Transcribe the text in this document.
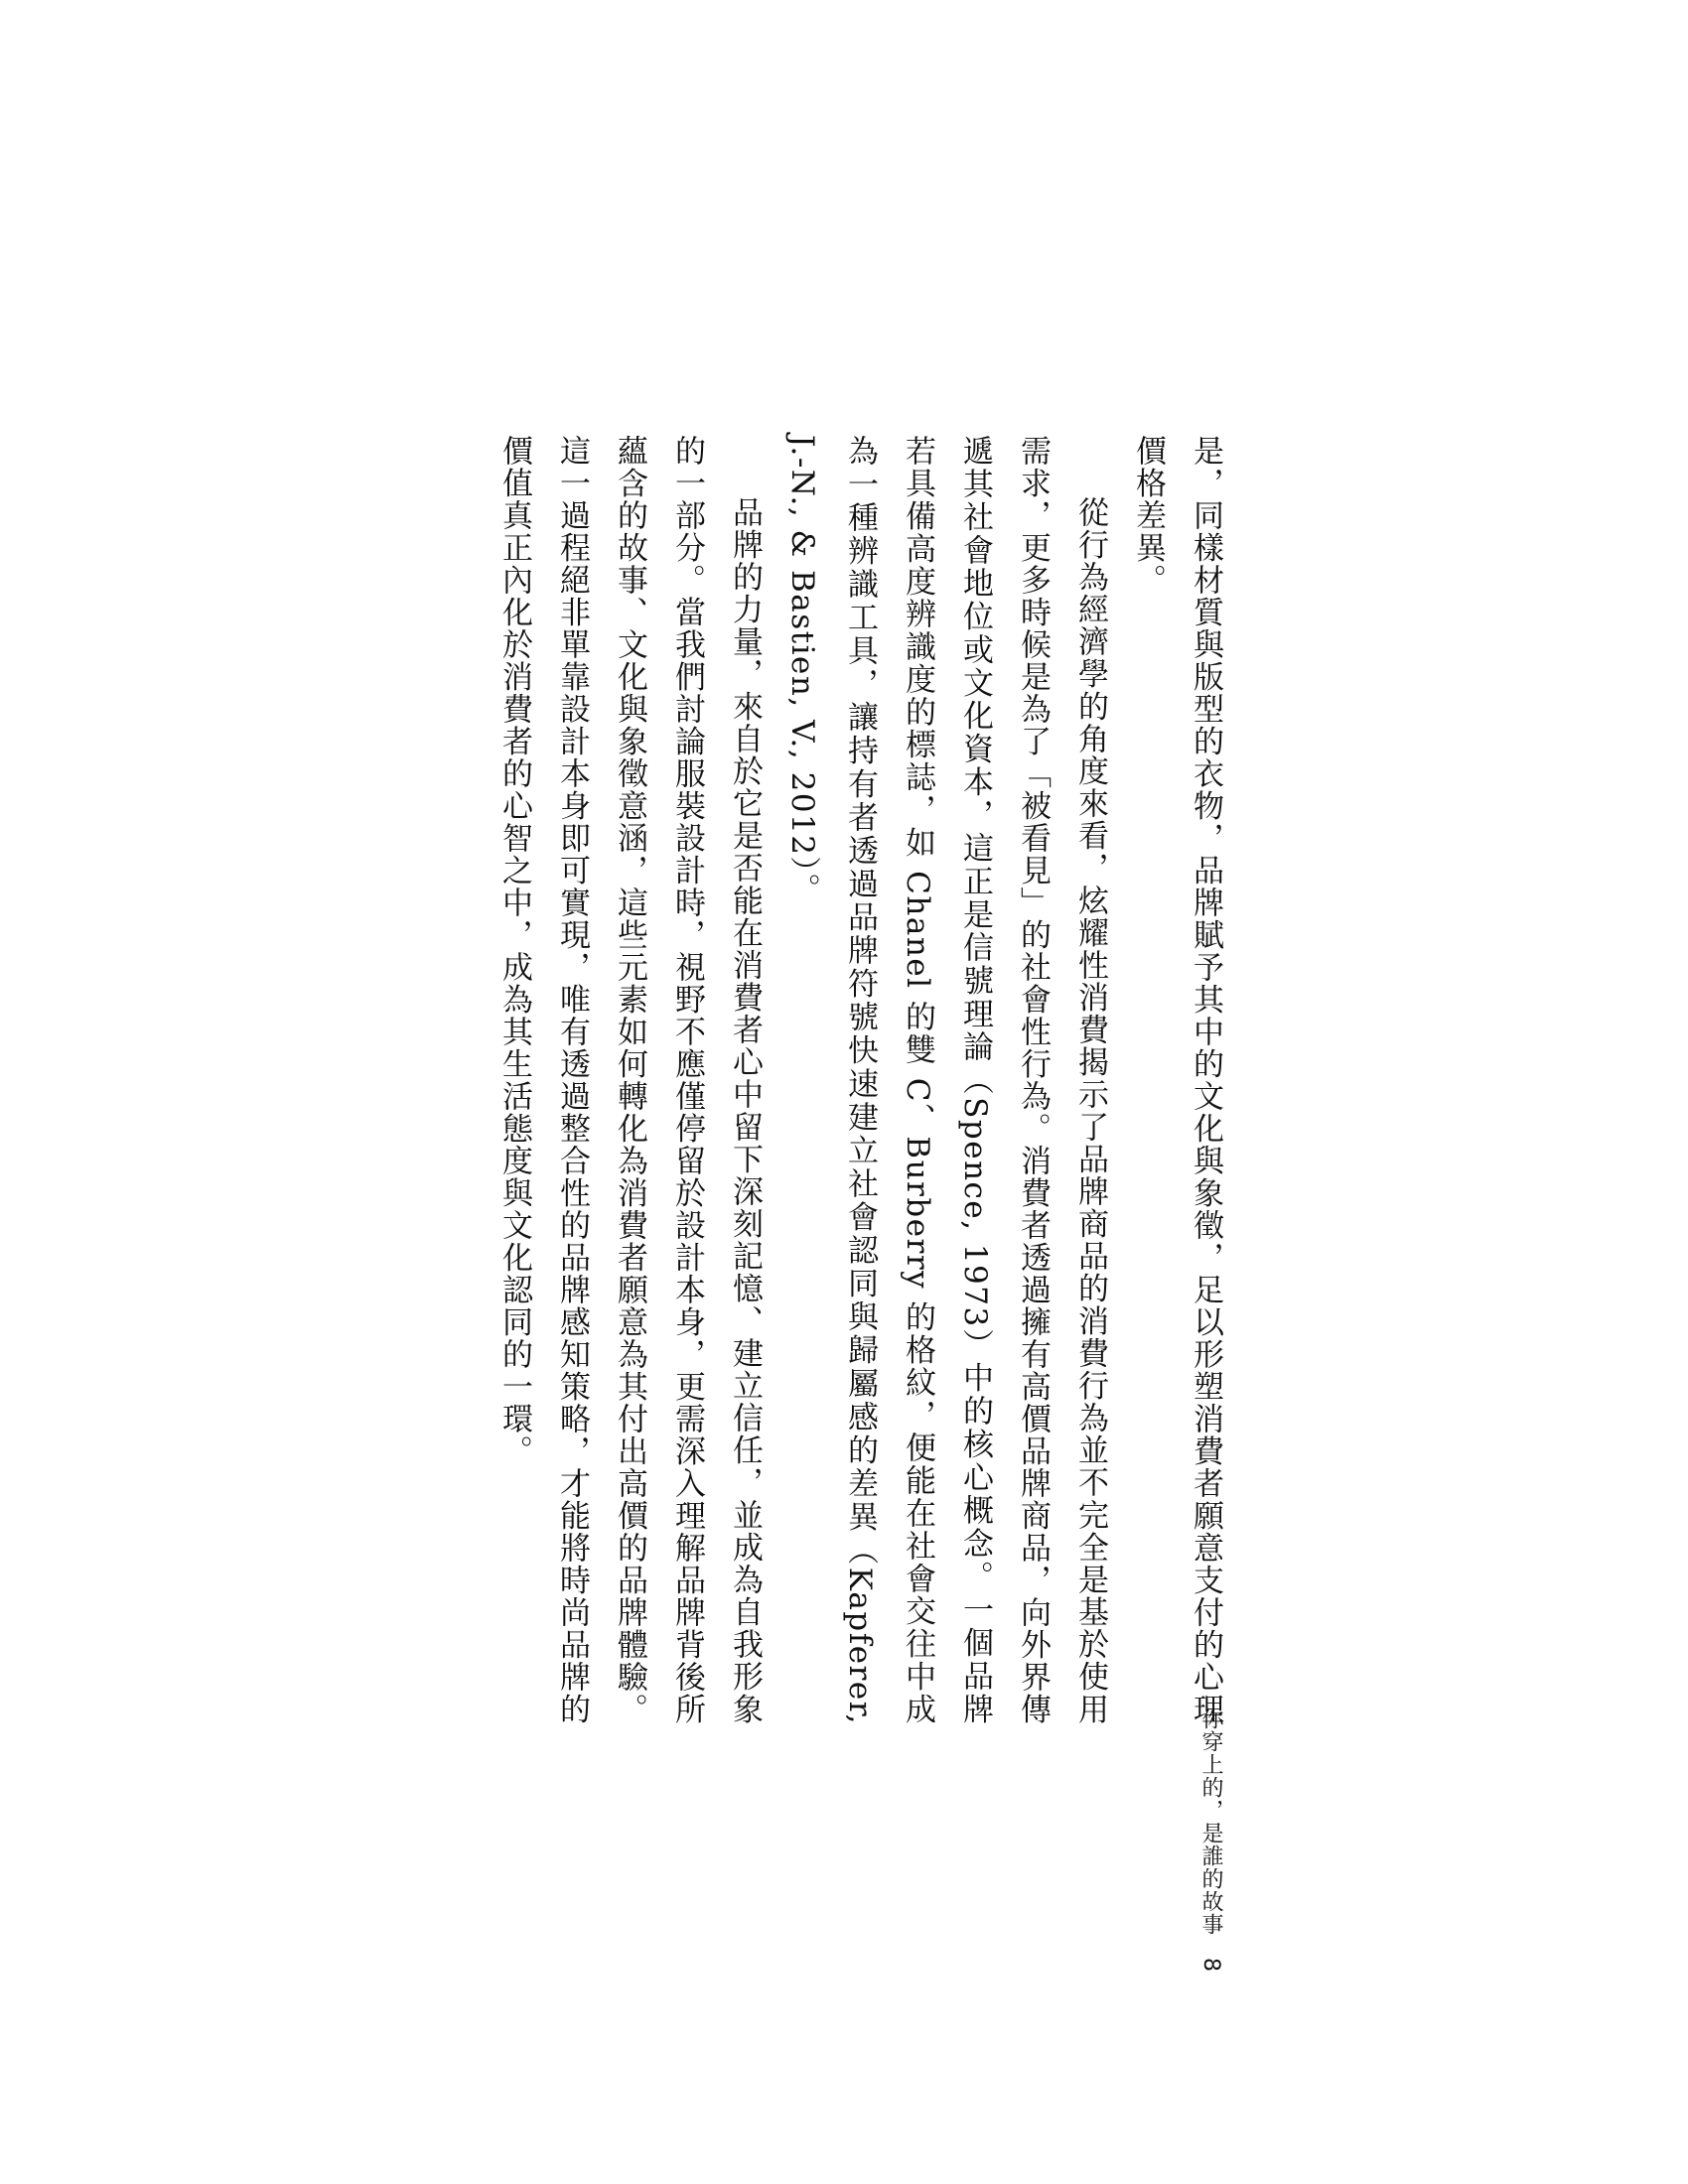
是，同樣材質與版型的衣物，品牌賦予其中的文化與象徵，足以形塑消費者願意支付的心理價格差異。

從行為經濟學的角度來看，炫耀性消費揭示了品牌商品的消費行為並不完全是基於使用需求，更多時候是為了「被看見」的社會性行為。消費者透過擁有高價品牌商品，向外界傳遞其社會地位或文化資本，這正是信號理論（Spence, 1973）中的核心概念。一個品牌若具備高度辨識度的標誌，如 Chanel 的雙 C、Burberry 的格紋，便能在社會交往中成為一種辨識工具，讓持有者透過品牌符號快速建立社會認同與歸屬感的差異（Kapferer, J.-N., & Bastien, V., 2012）。

品牌的力量，來自於它是否能在消費者心中留下深刻記憶、建立信任，並成為自我形象的一部分。當我們討論服裝設計時，視野不應僅停留於設計本身，更需深入理解品牌背後所蘊含的故事、文化與象徵意涵，這些元素如何轉化為消費者願意為其付出高價的品牌體驗。這一過程絕非單靠設計本身即可實現，唯有透過整合性的品牌感知策略，才能將時尚品牌的價值真正內化於消費者的心智之中，成為其生活態度與文化認同的一環。

你穿上的，是誰的故事 8
